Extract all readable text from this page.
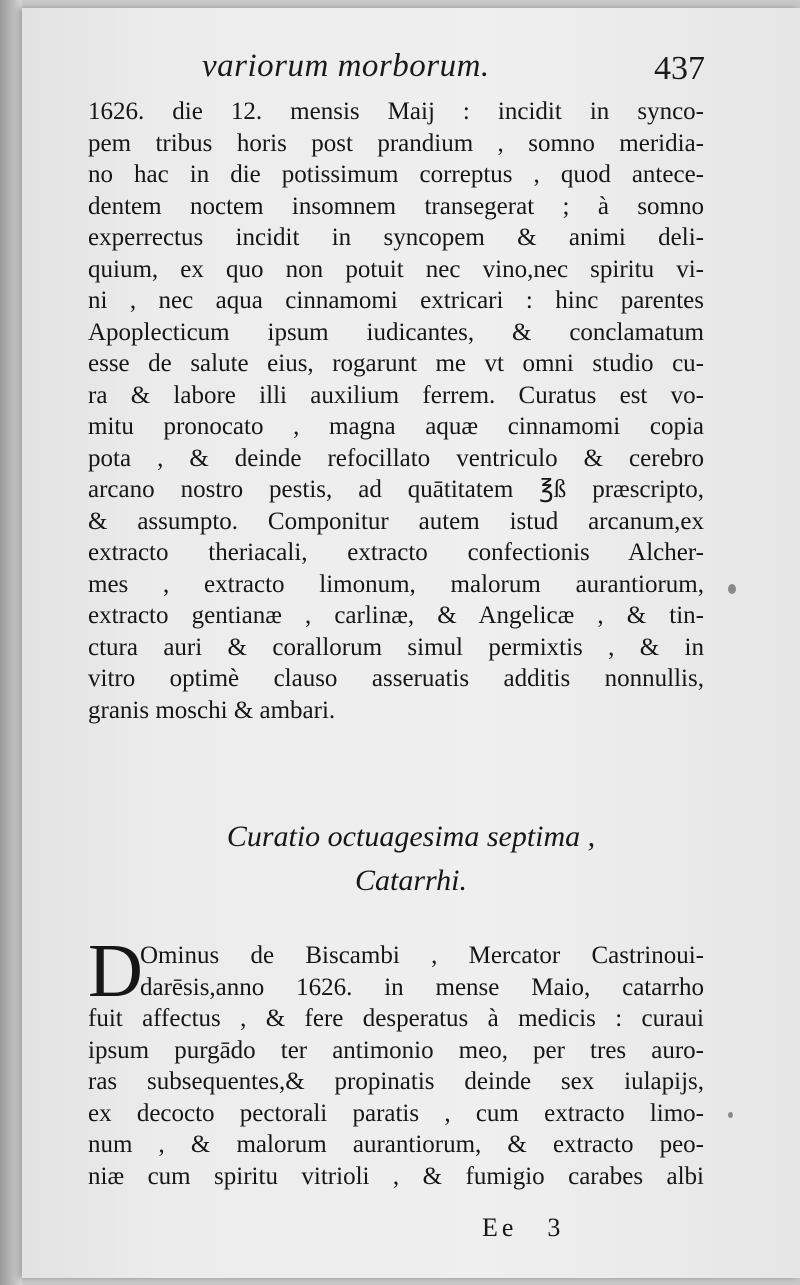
variorum morborum.	437
1626. die 12. mensis Maij : incidit in synco-
pem tribus horis post prandium , somno meridia-
no hac in die potissimum correptus , quod antece-
dentem noctem insomnem transegerat ; à somno
experrectus incidit in syncopem & animi deli-
quium, ex quo non potuit nec vino,nec spiritu vi-
ni , nec aqua cinnamomi extricari : hinc parentes
Apoplecticum ipsum iudicantes, & conclamatum
esse de salute eius, rogarunt me vt omni studio cu-
ra & labore illi auxilium ferrem. Curatus est vo-
mitu pronocato , magna aquæ cinnamomi copia
pota , & deinde refocillato ventriculo & cerebro
arcano nostro pestis, ad quātitatem ℥ß præscripto,
& assumpto. Componitur autem istud arcanum,ex
extracto theriacali, extracto confectionis Alcher-
mes , extracto limonum, malorum aurantiorum,
extracto gentianæ , carlinæ, & Angelicæ , & tin-
ctura auri & corallorum simul permixtis , & in
vitro optimè clauso asseruatis additis nonnullis,
granis moschi & ambari.
Curatio octuagesima septima ,
Catarrhi.
D
Ominus de Biscambi , Mercator Castrinoui-
darēsis,anno 1626. in mense Maio, catarrho
fuit affectus , & fere desperatus à medicis : curaui
ipsum purgādo ter antimonio meo, per tres auro-
ras subsequentes,& propinatis deinde sex iulapijs,
ex decocto pectorali paratis , cum extracto limo-
num , & malorum aurantiorum, & extracto peo-
niæ cum spiritu vitrioli , & fumigio carabes albi
Ee 3
